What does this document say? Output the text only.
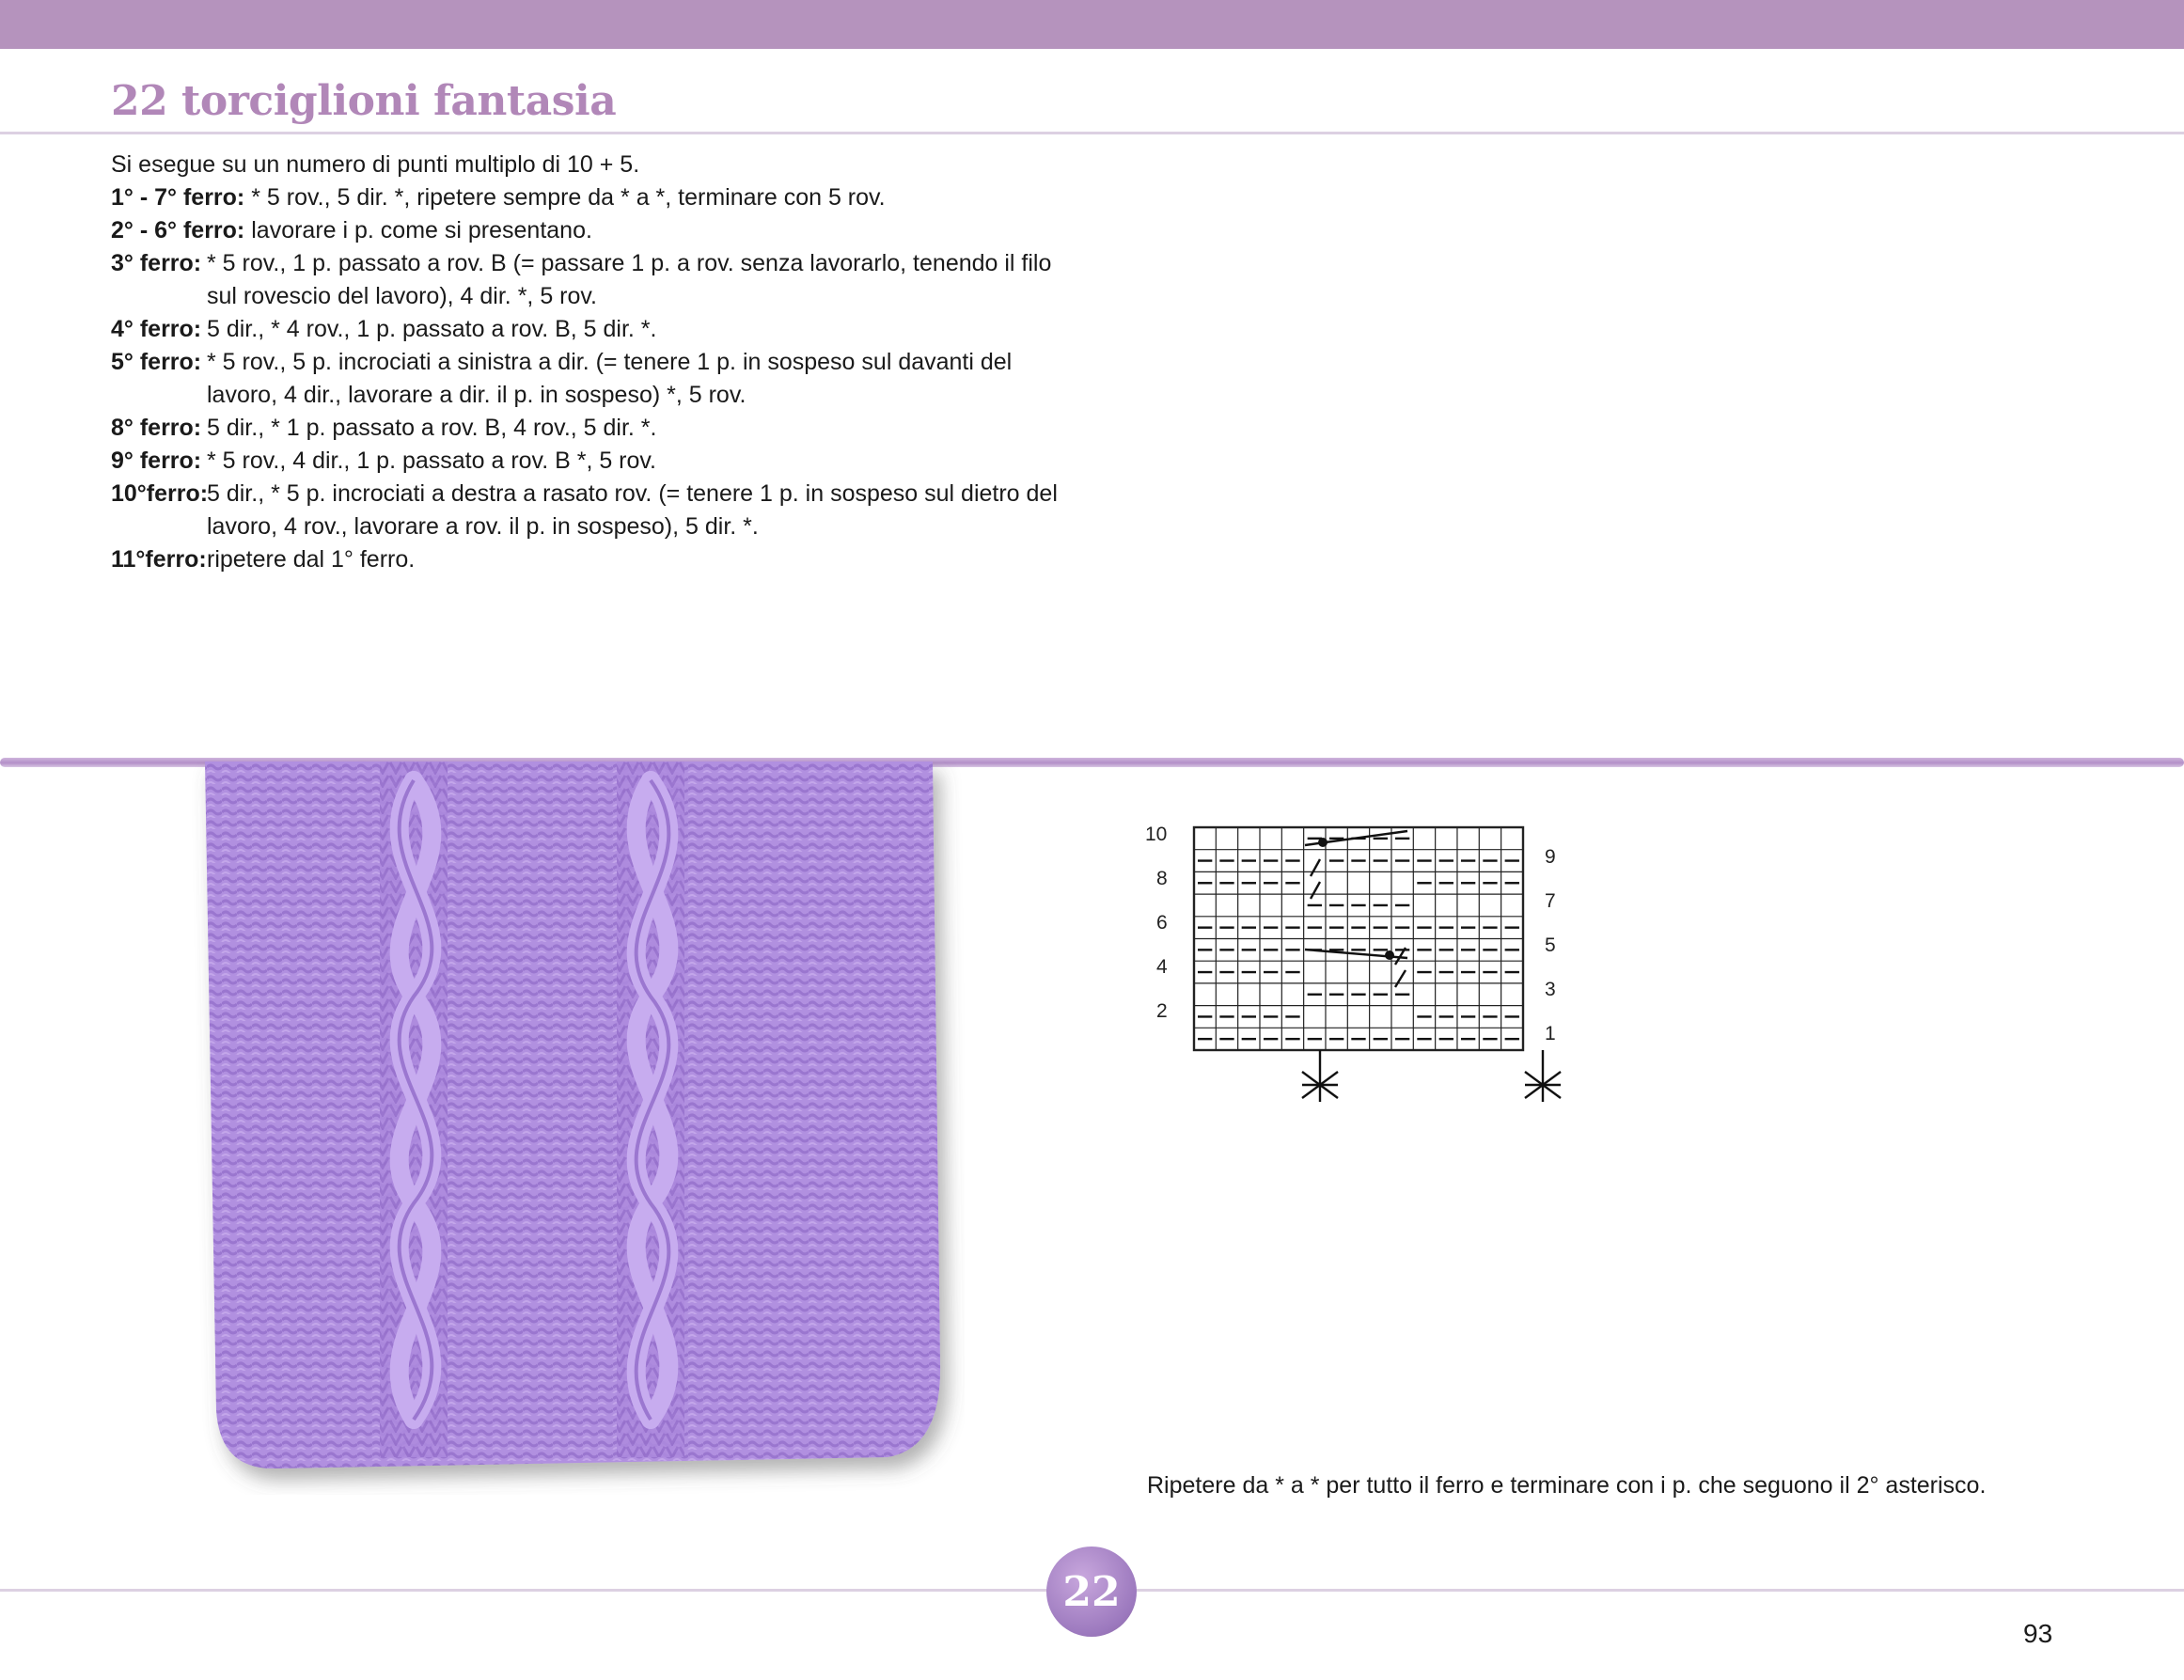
22 torciglioni fantasia
Si esegue su un numero di punti multiplo di 10 + 5.
1° - 7° ferro: * 5 rov., 5 dir. *, ripetere sempre da * a *, terminare con 5 rov.
2° - 6° ferro: lavorare i p. come si presentano.
3° ferro: * 5 rov., 1 p. passato a rov. B (= passare 1 p. a rov. senza lavorarlo, tenendo il filo sul rovescio del lavoro), 4 dir. *, 5 rov.
4° ferro: 5 dir., * 4 rov., 1 p. passato a rov. B, 5 dir. *.
5° ferro: * 5 rov., 5 p. incrociati a sinistra a dir. (= tenere 1 p. in sospeso sul davanti del lavoro, 4 dir., lavorare a dir. il p. in sospeso) *, 5 rov.
8° ferro: 5 dir., * 1 p. passato a rov. B, 4 rov., 5 dir. *.
9° ferro: * 5 rov., 4 dir., 1 p. passato a rov. B *, 5 rov.
10°ferro:
5 dir., * 5 p. incrociati a destra a rasato rov. (= tenere 1 p. in sospeso sul dietro del lavoro, 4 rov., lavorare a rov. il p. in sospeso), 5 dir. *.
11°ferro: ripetere dal 1° ferro.
10
8
6
4
2
9
7
5
3
1

Ripetere da * a * per tutto il ferro e terminare con i p. che seguono il 2° asterisco.

22
93
